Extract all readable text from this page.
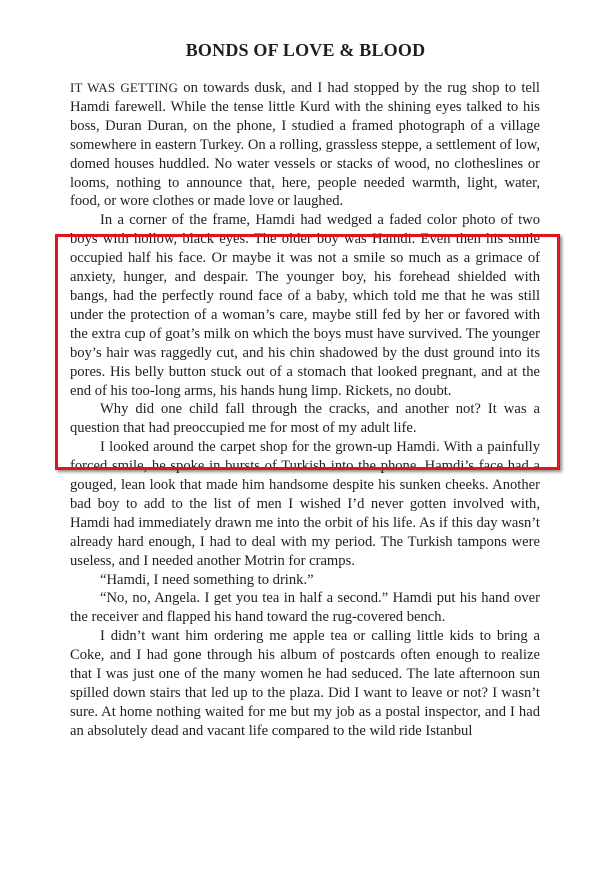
BONDS OF LOVE & BLOOD

IT WAS GETTING on towards dusk, and I had stopped by the rug shop to tell Hamdi farewell. While the tense little Kurd with the shining eyes talked to his boss, Duran Duran, on the phone, I studied a framed photograph of a village somewhere in eastern Turkey. On a rolling, grassless steppe, a settlement of low, domed houses huddled. No water vessels or stacks of wood, no clotheslines or looms, nothing to announce that, here, people needed warmth, light, water, food, or wore clothes or made love or laughed.

In a corner of the frame, Hamdi had wedged a faded color photo of two boys with hollow, black eyes. The older boy was Hamdi. Even then his smile occupied half his face. Or maybe it was not a smile so much as a grimace of anxiety, hunger, and despair. The younger boy, his forehead shielded with bangs, had the perfectly round face of a baby, which told me that he was still under the protection of a woman’s care, maybe still fed by her or favored with the extra cup of goat’s milk on which the boys must have survived. The younger boy’s hair was raggedly cut, and his chin shadowed by the dust ground into its pores. His belly button stuck out of a stomach that looked pregnant, and at the end of his too-long arms, his hands hung limp. Rickets, no doubt.

Why did one child fall through the cracks, and another not? It was a question that had preoccupied me for most of my adult life.

I looked around the carpet shop for the grown-up Hamdi. With a painfully forced smile, he spoke in bursts of Turkish into the phone. Hamdi’s face had a gouged, lean look that made him handsome despite his sunken cheeks. Another bad boy to add to the list of men I wished I’d never gotten involved with, Hamdi had immediately drawn me into the orbit of his life. As if this day wasn’t already hard enough, I had to deal with my period. The Turkish tampons were useless, and I needed another Motrin for cramps.

“Hamdi, I need something to drink.”

“No, no, Angela. I get you tea in half a second.” Hamdi put his hand over the receiver and flapped his hand toward the rug-covered bench.

I didn’t want him ordering me apple tea or calling little kids to bring a Coke, and I had gone through his album of postcards often enough to realize that I was just one of the many women he had seduced. The late afternoon sun spilled down stairs that led up to the plaza. Did I want to leave or not? I wasn’t sure. At home nothing waited for me but my job as a postal inspector, and I had an absolutely dead and vacant life compared to the wild ride Istanbul
